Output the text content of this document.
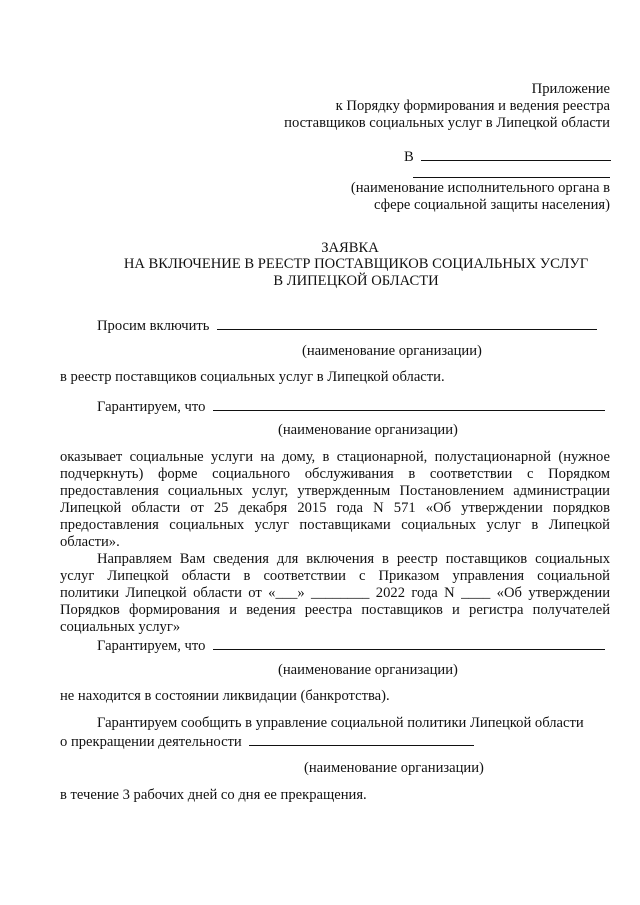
Приложение
к Порядку формирования и ведения реестра
поставщиков социальных услуг в Липецкой области
В
(наименование исполнительного органа в
сфере социальной защиты населения)
ЗАЯВКА
НА ВКЛЮЧЕНИЕ В РЕЕСТР ПОСТАВЩИКОВ СОЦИАЛЬНЫХ УСЛУГ
В ЛИПЕЦКОЙ ОБЛАСТИ
Просим включить
(наименование организации)
в реестр поставщиков социальных услуг в Липецкой области.
Гарантируем, что
(наименование организации)
оказывает социальные услуги на дому, в стационарной, полустационарной (нужное
подчеркнуть) форме социального обслуживания в соответствии с Порядком
предоставления социальных услуг, утвержденным Постановлением администрации
Липецкой области от 25 декабря 2015 года N 571 «Об утверждении порядков
предоставления социальных услуг поставщиками социальных услуг в Липецкой
области».
Направляем Вам сведения для включения в реестр поставщиков социальных
услуг Липецкой области в соответствии с Приказом управления социальной
политики Липецкой области от «___» ________ 2022 года N ____ «Об утверждении
Порядков формирования и ведения реестра поставщиков и регистра получателей
социальных услуг»
Гарантируем, что
(наименование организации)
не находится в состоянии ликвидации (банкротства).
Гарантируем сообщить в управление социальной политики Липецкой области
о прекращении деятельности
(наименование организации)
в течение 3 рабочих дней со дня ее прекращения.
